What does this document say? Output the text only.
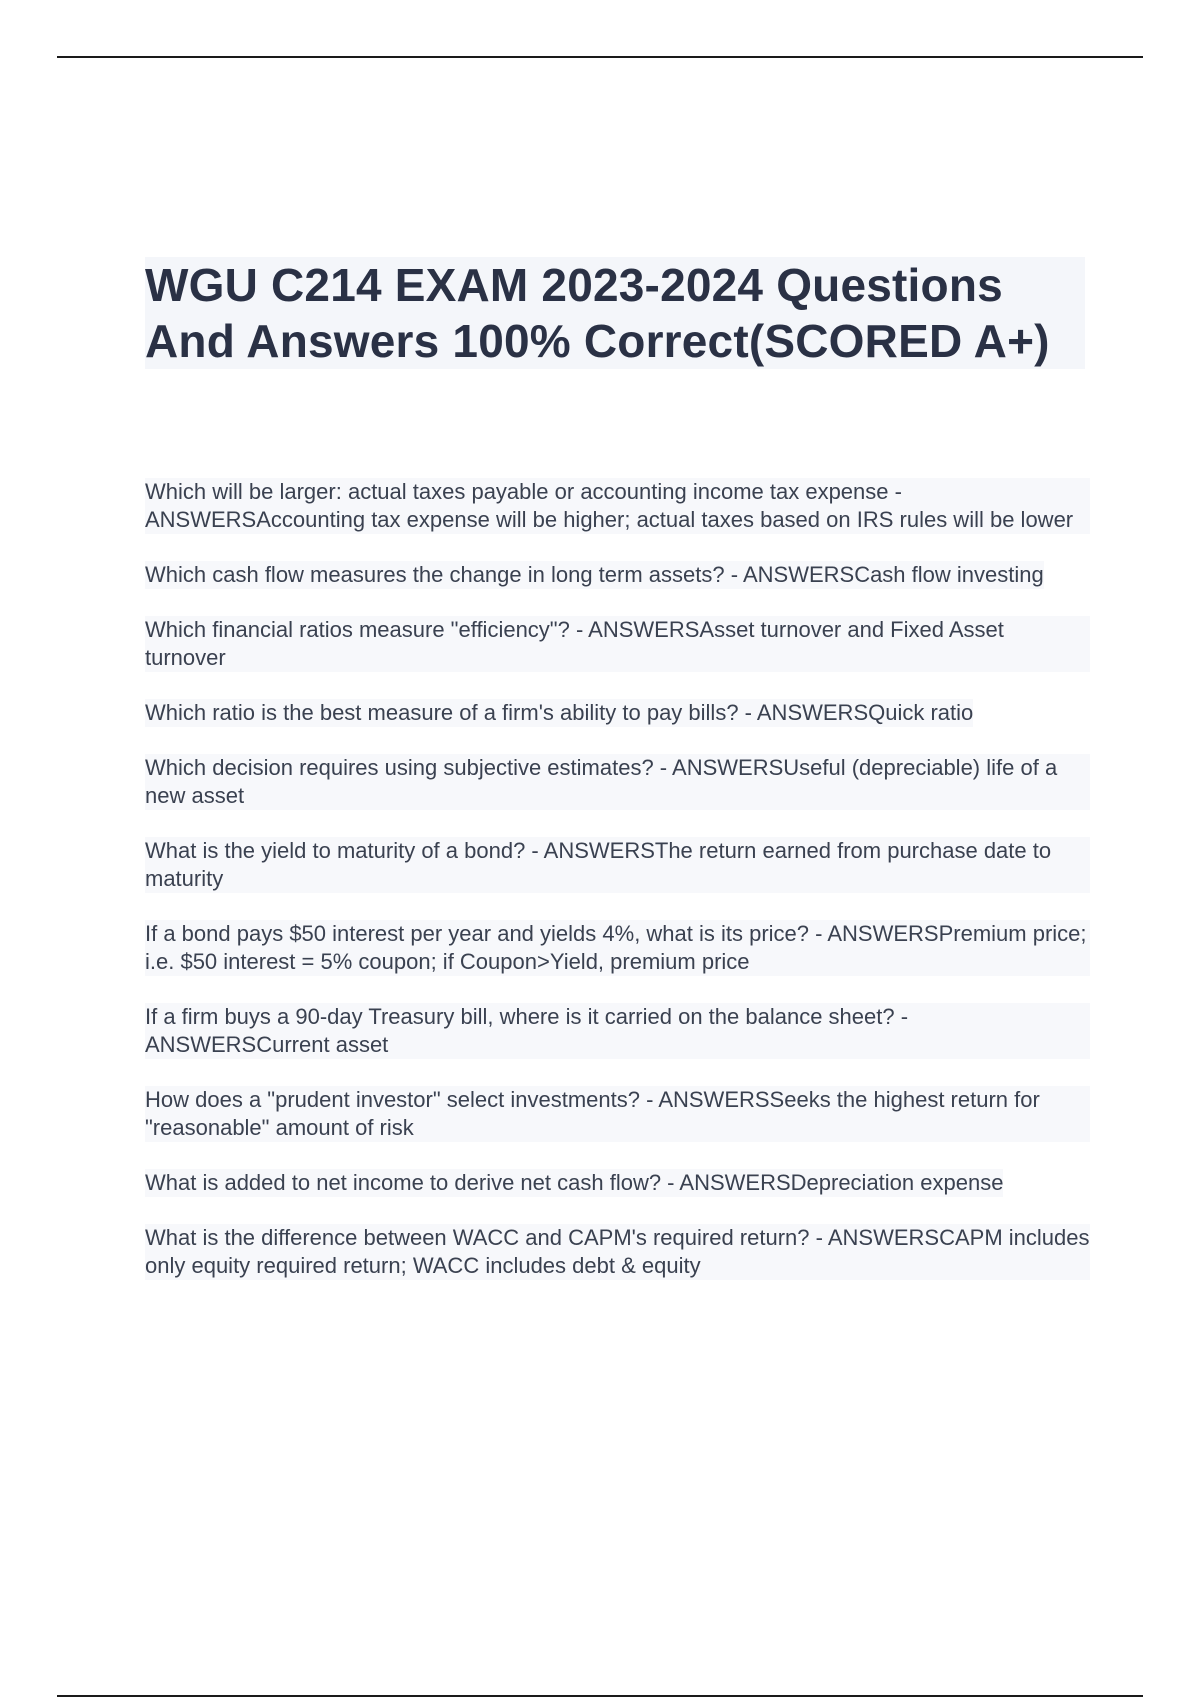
WGU C214 EXAM 2023-2024 Questions And Answers 100% Correct(SCORED A+)
Which will be larger: actual taxes payable or accounting income tax expense - ANSWERSAccounting tax expense will be higher; actual taxes based on IRS rules will be lower
Which cash flow measures the change in long term assets? - ANSWERSCash flow investing
Which financial ratios measure "efficiency"? - ANSWERSAsset turnover and Fixed Asset turnover
Which ratio is the best measure of a firm's ability to pay bills? - ANSWERSQuick ratio
Which decision requires using subjective estimates? - ANSWERSUseful (depreciable) life of a new asset
What is the yield to maturity of a bond? - ANSWERSThe return earned from purchase date to maturity
If a bond pays $50 interest per year and yields 4%, what is its price? - ANSWERSPremium price; i.e. $50 interest = 5% coupon; if Coupon>Yield, premium price
If a firm buys a 90-day Treasury bill, where is it carried on the balance sheet? - ANSWERSCurrent asset
How does a "prudent investor" select investments? - ANSWERSSeeks the highest return for "reasonable" amount of risk
What is added to net income to derive net cash flow? - ANSWERSDepreciation expense
What is the difference between WACC and CAPM's required return? - ANSWERSCAPM includes only equity required return; WACC includes debt & equity
